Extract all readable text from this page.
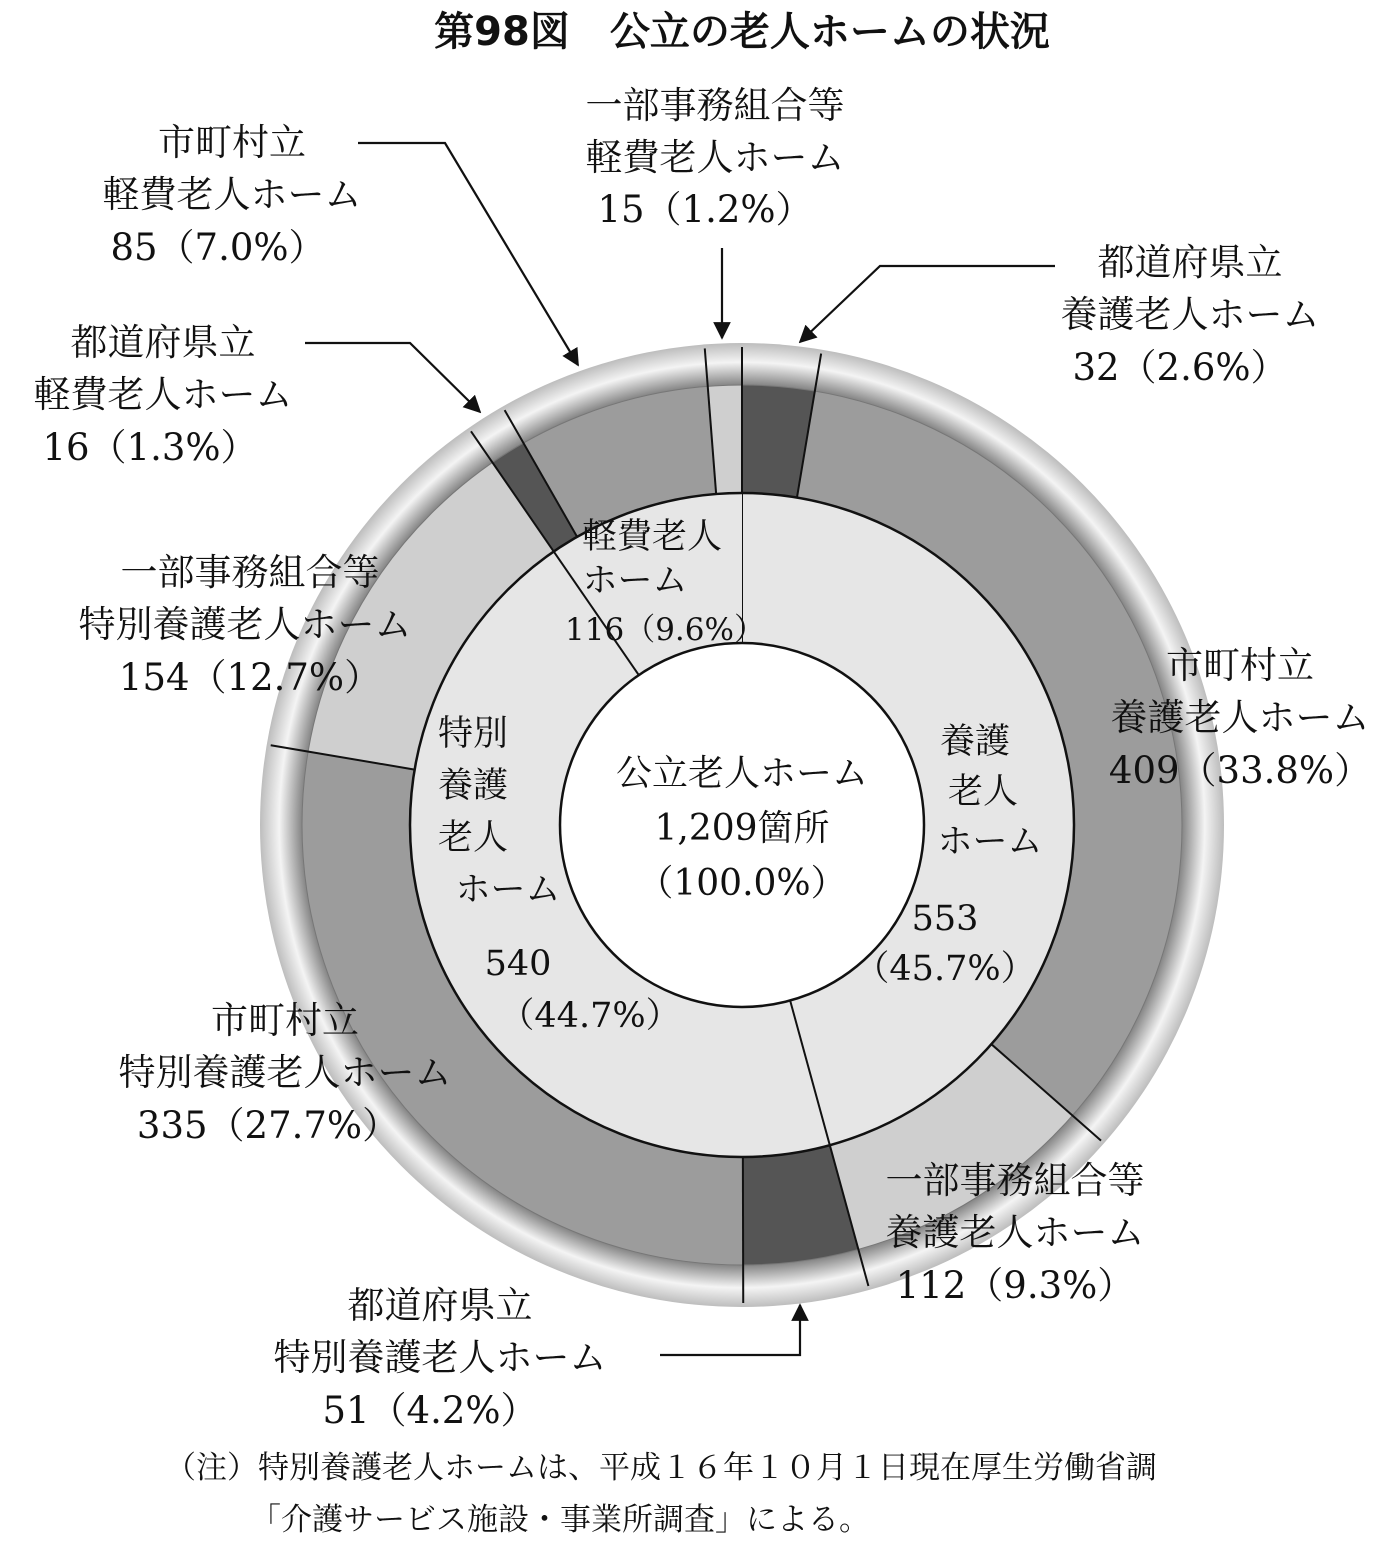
第98図　公立の老人ホームの状況
公立老人ホーム
1,209箇所
（100.0%）
養護
老人
ホーム
553
（45.7%）
特別
養護
老人
ホーム
540
（44.7%）
軽費老人
ホーム
116（9.6%）
都道府県立
養護老人ホーム
32（2.6%）
市町村立
養護老人ホーム
409（33.8%）
一部事務組合等
養護老人ホーム
112（9.3%）
都道府県立
特別養護老人ホーム
51（4.2%）
市町村立
特別養護老人ホーム
335（27.7%）
一部事務組合等
特別養護老人ホーム
154（12.7%）
都道府県立
軽費老人ホーム
16（1.3%）
市町村立
軽費老人ホーム
85（7.0%）
一部事務組合等
軽費老人ホーム
15（1.2%）
（注）特別養護老人ホームは、平成１６年１０月１日現在厚生労働省調
「介護サービス施設・事業所調査」による。
